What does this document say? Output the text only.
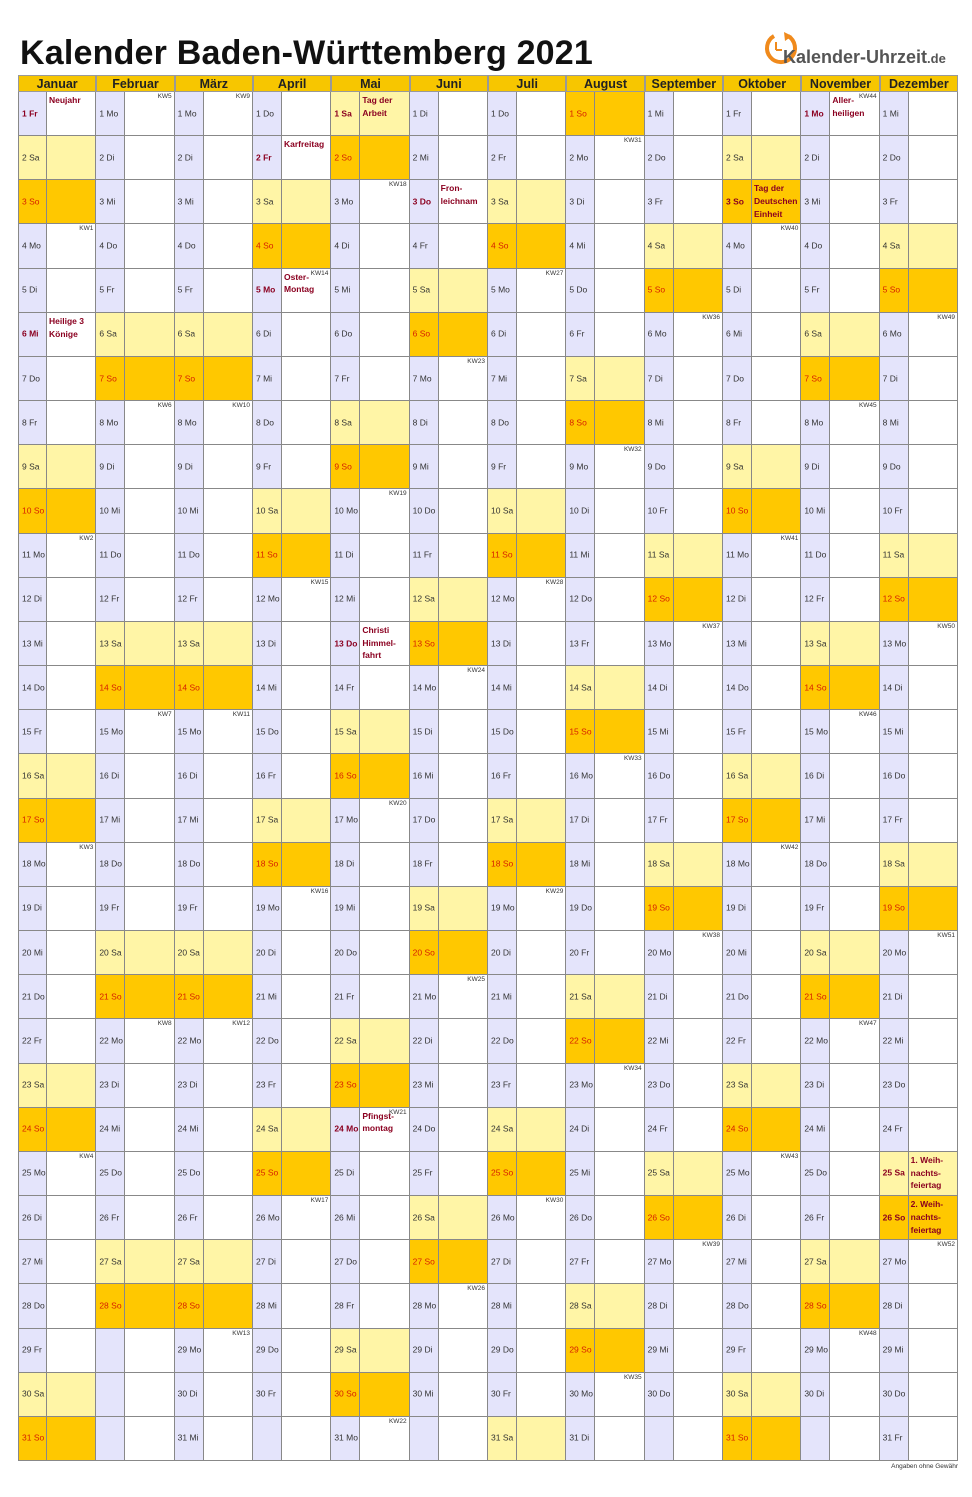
Kalender Baden-Württemberg 2021	Kalender-Uhrzeit.de
Januar
1 Fr
Neujahr
2 Sa
3 So
4 Mo
KW1
5 Di
6 Mi
Heilige 3 Könige
7 Do
8 Fr
9 Sa
10 So
11 Mo
KW2
12 Di
13 Mi
14 Do
15 Fr
16 Sa
17 So
18 Mo
KW3
19 Di
20 Mi
21 Do
22 Fr
23 Sa
24 So
25 Mo
KW4
26 Di
27 Mi
28 Do
29 Fr
30 Sa
31 So
Februar
1 Mo
KW5
2 Di
3 Mi
4 Do
5 Fr
6 Sa
7 So
8 Mo
KW6
9 Di
10 Mi
11 Do
12 Fr
13 Sa
14 So
15 Mo
KW7
16 Di
17 Mi
18 Do
19 Fr
20 Sa
21 So
22 Mo
KW8
23 Di
24 Mi
25 Do
26 Fr
27 Sa
28 So
März
1 Mo
KW9
2 Di
3 Mi
4 Do
5 Fr
6 Sa
7 So
8 Mo
KW10
9 Di
10 Mi
11 Do
12 Fr
13 Sa
14 So
15 Mo
KW11
16 Di
17 Mi
18 Do
19 Fr
20 Sa
21 So
22 Mo
KW12
23 Di
24 Mi
25 Do
26 Fr
27 Sa
28 So
29 Mo
KW13
30 Di
31 Mi
April
1 Do
2 Fr
Karfreitag
3 Sa
4 So
5 Mo
KW14
Oster-
Montag
6 Di
7 Mi
8 Do
9 Fr
10 Sa
11 So
12 Mo
KW15
13 Di
14 Mi
15 Do
16 Fr
17 Sa
18 So
19 Mo
KW16
20 Di
21 Mi
22 Do
23 Fr
24 Sa
25 So
26 Mo
KW17
27 Di
28 Mi
29 Do
30 Fr
Mai
1 Sa
Tag der
Arbeit
2 So
3 Mo
KW18
4 Di
5 Mi
6 Do
7 Fr
8 Sa
9 So
10 Mo
KW19
11 Di
12 Mi
13 Do
Christi
Himmel-
fahrt
14 Fr
15 Sa
16 So
17 Mo
KW20
18 Di
19 Mi
20 Do
21 Fr
22 Sa
23 So
24 Mo
KW21
Pfingst-
montag
25 Di
26 Mi
27 Do
28 Fr
29 Sa
30 So
31 Mo
KW22
Juni
1 Di
2 Mi
3 Do
Fron-
leichnam
4 Fr
5 Sa
6 So
7 Mo
KW23
8 Di
9 Mi
10 Do
11 Fr
12 Sa
13 So
14 Mo
KW24
15 Di
16 Mi
17 Do
18 Fr
19 Sa
20 So
21 Mo
KW25
22 Di
23 Mi
24 Do
25 Fr
26 Sa
27 So
28 Mo
KW26
29 Di
30 Mi
Juli
1 Do
2 Fr
3 Sa
4 So
5 Mo
KW27
6 Di
7 Mi
8 Do
9 Fr
10 Sa
11 So
12 Mo
KW28
13 Di
14 Mi
15 Do
16 Fr
17 Sa
18 So
19 Mo
KW29
20 Di
21 Mi
22 Do
23 Fr
24 Sa
25 So
26 Mo
KW30
27 Di
28 Mi
29 Do
30 Fr
31 Sa
August
1 So
2 Mo
KW31
3 Di
4 Mi
5 Do
6 Fr
7 Sa
8 So
9 Mo
KW32
10 Di
11 Mi
12 Do
13 Fr
14 Sa
15 So
16 Mo
KW33
17 Di
18 Mi
19 Do
20 Fr
21 Sa
22 So
23 Mo
KW34
24 Di
25 Mi
26 Do
27 Fr
28 Sa
29 So
30 Mo
KW35
31 Di
September
1 Mi
2 Do
3 Fr
4 Sa
5 So
6 Mo
KW36
7 Di
8 Mi
9 Do
10 Fr
11 Sa
12 So
13 Mo
KW37
14 Di
15 Mi
16 Do
17 Fr
18 Sa
19 So
20 Mo
KW38
21 Di
22 Mi
23 Do
24 Fr
25 Sa
26 So
27 Mo
KW39
28 Di
29 Mi
30 Do
Oktober
1 Fr
2 Sa
3 So
Tag der
Deutschen
Einheit
4 Mo
KW40
5 Di
6 Mi
7 Do
8 Fr
9 Sa
10 So
11 Mo
KW41
12 Di
13 Mi
14 Do
15 Fr
16 Sa
17 So
18 Mo
KW42
19 Di
20 Mi
21 Do
22 Fr
23 Sa
24 So
25 Mo
KW43
26 Di
27 Mi
28 Do
29 Fr
30 Sa
31 So
November
1 Mo
KW44
Aller-
heiligen
2 Di
3 Mi
4 Do
5 Fr
6 Sa
7 So
8 Mo
KW45
9 Di
10 Mi
11 Do
12 Fr
13 Sa
14 So
15 Mo
KW46
16 Di
17 Mi
18 Do
19 Fr
20 Sa
21 So
22 Mo
KW47
23 Di
24 Mi
25 Do
26 Fr
27 Sa
28 So
29 Mo
KW48
30 Di
Dezember
1 Mi
2 Do
3 Fr
4 Sa
5 So
6 Mo
KW49
7 Di
8 Mi
9 Do
10 Fr
11 Sa
12 So
13 Mo
KW50
14 Di
15 Mi
16 Do
17 Fr
18 Sa
19 So
20 Mo
KW51
21 Di
22 Mi
23 Do
24 Fr
25 Sa
1. Weih-
nachts-
feiertag
26 So
2. Weih-
nachts-
feiertag
27 Mo
KW52
28 Di
29 Mi
30 Do
31 Fr
Angaben ohne Gewähr
